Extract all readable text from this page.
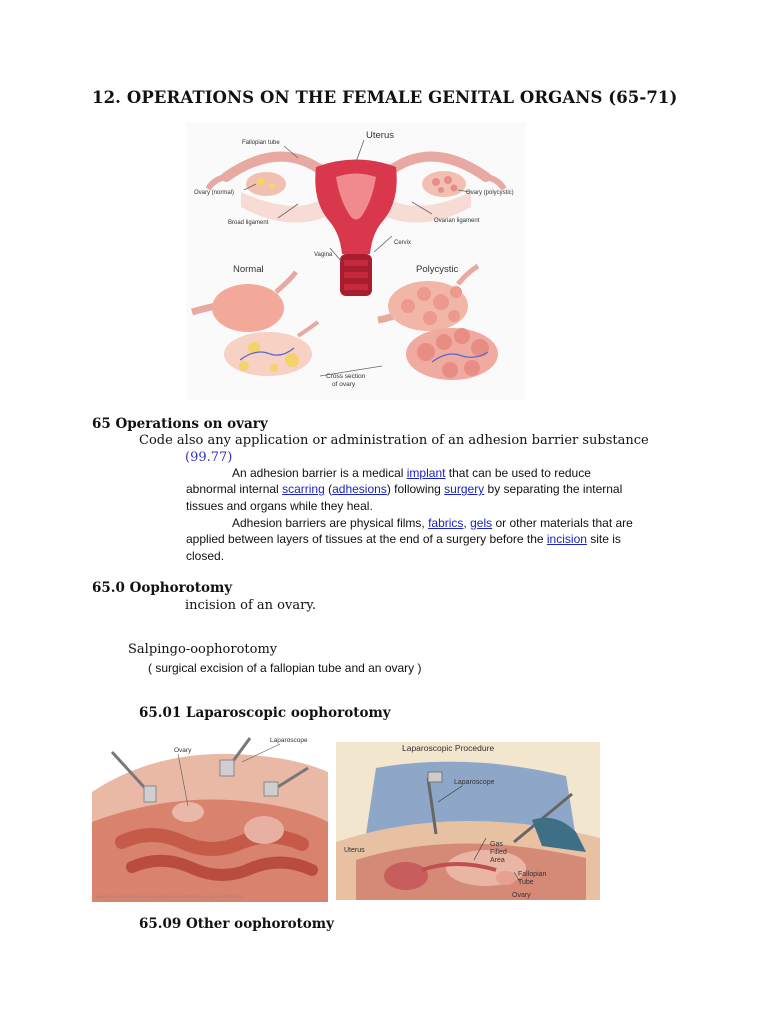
12. OPERATIONS ON THE FEMALE GENITAL ORGANS (65-71)
Uterus
Fallopian tube
Ovary (normal)	Ovary (polycystic)
Broad ligament	Ovarian ligament
Vagina
Cervix
Normal	Polycystic
Cross section
of ovary
65 Operations on ovary
Code also any application or administration of an adhesion barrier substance
(99.77)
An adhesion barrier is a medical implant that can be used to reduce
abnormal internal scarring (adhesions) following surgery by separating the internal
tissues and organs while they heal.
Adhesion barriers are physical films, fabrics, gels or other materials that are
applied between layers of tissues at the end of a surgery before the incision site is
closed.
65.0 Oophorotomy
incision of an ovary.
Salpingo-oophorotomy
( surgical excision of a fallopian tube and an ovary )
65.01 Laparoscopic oophorotomy
Ovary
Laparoscope
MAYO FOUNDATION FOR MEDICAL EDUCATION AND RESEARCH. ALL RIGHTS RESERVED.
Laparoscopic Procedure
Laparoscope
Gas
Filled
Area
Uterus
Fallopian
Tube
Ovary
65.09 Other oophorotomy
